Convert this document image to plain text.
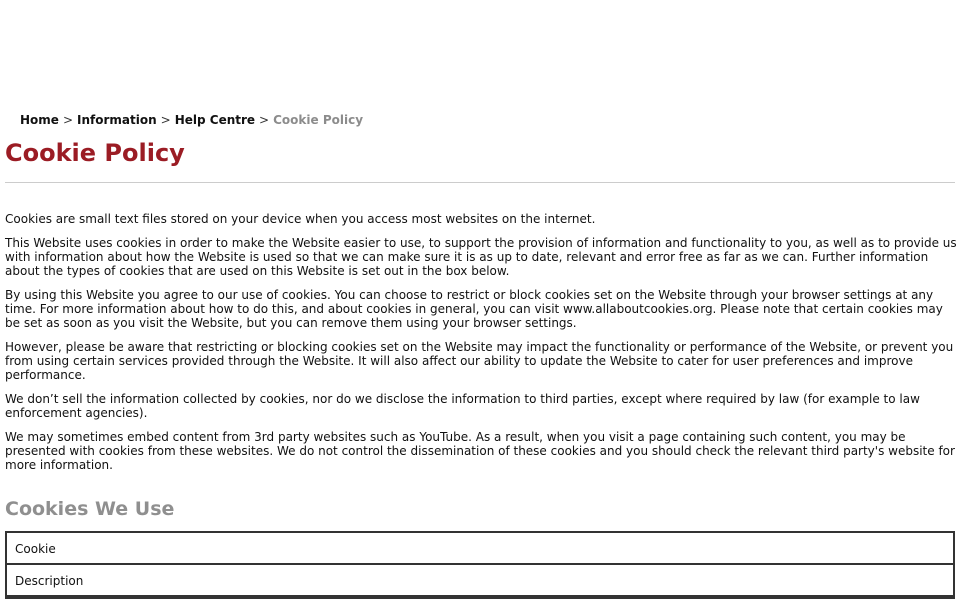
Home > Information > Help Centre > Cookie Policy
Cookie Policy

Cookies are small text files stored on your device when you access most websites on the internet.

This Website uses cookies in order to make the Website easier to use, to support the provision of information and functionality to you, as well as to provide us with information about how the Website is used so that we can make sure it is as up to date, relevant and error free as far as we can. Further information about the types of cookies that are used on this Website is set out in the box below.

By using this Website you agree to our use of cookies. You can choose to restrict or block cookies set on the Website through your browser settings at any time. For more information about how to do this, and about cookies in general, you can visit www.allaboutcookies.org. Please note that certain cookies may be set as soon as you visit the Website, but you can remove them using your browser settings.

However, please be aware that restricting or blocking cookies set on the Website may impact the functionality or performance of the Website, or prevent you from using certain services provided through the Website. It will also affect our ability to update the Website to cater for user preferences and improve performance.

We don’t sell the information collected by cookies, nor do we disclose the information to third parties, except where required by law (for example to law enforcement agencies).

We may sometimes embed content from 3rd party websites such as YouTube. As a result, when you visit a page containing such content, you may be presented with cookies from these websites. We do not control the dissemination of these cookies and you should check the relevant third party's website for more information.

Cookies We Use
Cookie
Description
